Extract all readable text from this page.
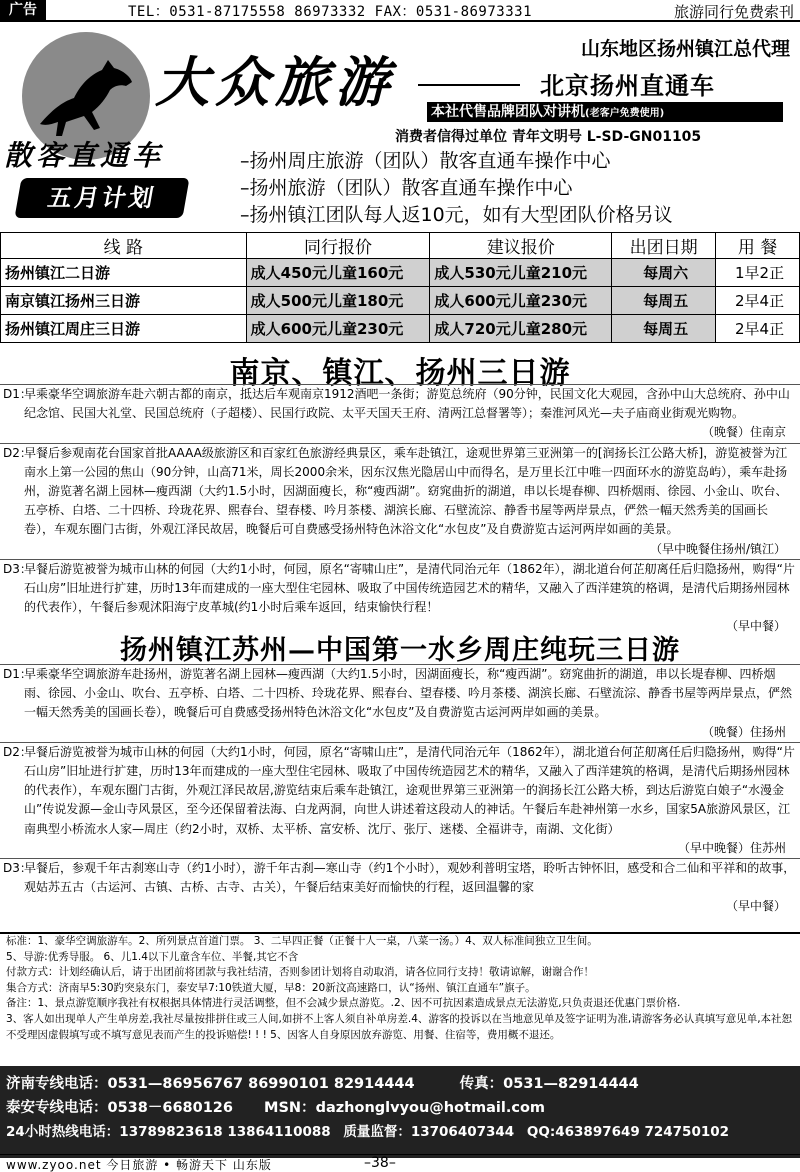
广告	TEL：0531-87175558 86973332 FAX：0531-86973331	旅游同行免费索刊
大众旅游
山东地区扬州镇江总代理
北京扬州直通车
本社代售品牌团队对讲机(老客户免费使用)
消费者信得过单位 青年文明号 L-SD-GN01105
散客直通车
五月计划
–扬州周庄旅游（团队）散客直通车操作中心
–扬州旅游（团队）散客直通车操作中心
–扬州镇江团队每人返10元，如有大型团队价格另议
线 路	同行报价	建议报价	出团日期	用 餐
扬州镇江二日游	成人450元儿童160元	成人530元儿童210元	每周六	1早2正
南京镇江扬州三日游	成人500元儿童180元	成人600元儿童230元	每周五	2早4正
扬州镇江周庄三日游	成人600元儿童230元	成人720元儿童280元	每周五	2早4正
南京、镇江、扬州三日游
D1：
早乘豪华空调旅游车赴六朝古都的南京，抵达后车观南京1912酒吧一条街；游览总统府（90分钟，民国文化大观园，含孙中山大总统府、孙中山纪念馆、民国大礼堂、民国总统府（子超楼）、民国行政院、太平天国天王府、清两江总督署等）；秦淮河风光—夫子庙商业街观光购物。
（晚餐）住南京
D2：
早餐后参观南花台国家首批AAAA级旅游区和百家红色旅游经典景区，乘车赴镇江，途观世界第三亚洲第一的[润扬长江公路大桥]，游览被誉为江南水上第一公园的焦山（90分钟，山高71米，周长2000余米，因东汉焦光隐居山中而得名，是万里长江中唯一四面环水的游览岛屿），乘车赴扬州，游览著名湖上园林—瘦西湖（大约1.5小时，因湖面瘦长，称“瘦西湖”。窈窕曲折的湖道，串以长堤春柳、四桥烟雨、徐园、小金山、吹台、五亭桥、白塔、二十四桥、玲珑花界、熙春台、望春楼、吟月茶楼、湖滨长廊、石壁流淙、静香书屋等两岸景点，俨然一幅天然秀美的国画长卷），车观东圈门古街，外观江泽民故居，晚餐后可自费感受扬州特色沐浴文化“水包皮”及自费游览古运河两岸如画的美景。
（早中晚餐住扬州/镇江）
D3：
早餐后游览被誉为城市山林的何园（大约1小时，何园，原名“寄啸山庄”，是清代同治元年（1862年），湖北道台何芷舠离任后归隐扬州，购得“片石山房”旧址进行扩建，历时13年而建成的一座大型住宅园林、吸取了中国传统造园艺术的精华，又融入了西洋建筑的格调，是清代后期扬州园林的代表作），午餐后参观沭阳海宁皮革城(约1小时后乘车返回，结束愉快行程！
（早中餐）
扬州镇江苏州—中国第一水乡周庄纯玩三日游
D1：
早乘豪华空调旅游车赴扬州，游览著名湖上园林—瘦西湖（大约1.5小时，因湖面瘦长，称“瘦西湖”。窈窕曲折的湖道，串以长堤春柳、四桥烟雨、徐园、小金山、吹台、五亭桥、白塔、二十四桥、玲珑花界、熙春台、望春楼、吟月茶楼、湖滨长廊、石壁流淙、静香书屋等两岸景点，俨然一幅天然秀美的国画长卷），晚餐后可自费感受扬州特色沐浴文化“水包皮”及自费游览古运河两岸如画的美景。
（晚餐）住扬州
D2：
早餐后游览被誉为城市山林的何园（大约1小时，何园，原名“寄啸山庄”，是清代同治元年（1862年），湖北道台何芷舠离任后归隐扬州，购得“片石山房”旧址进行扩建，历时13年而建成的一座大型住宅园林、吸取了中国传统造园艺术的精华，又融入了西洋建筑的格调，是清代后期扬州园林的代表作），车观东圈门古街，外观江泽民故居,游览结束后乘车赴镇江，途观世界第三亚洲第一的润扬长江公路大桥，到达后游览白娘子“水漫金山”传说发源—金山寺风景区，至今还保留着法海、白龙两洞，向世人讲述着这段动人的神话。午餐后车赴神州第一水乡，国家5A旅游风景区，江南典型小桥流水人家—周庄（约2小时，双桥、太平桥、富安桥、沈厅、张厅、迷楼、全福讲寺，南湖、文化街）
（早中晚餐）住苏州
D3：
早餐后，参观千年古刹寒山寺（约1小时），游千年古刹—寒山寺（约1个小时），观妙利普明宝塔，聆听古钟怀旧，感受和合二仙和平祥和的故事，观姑苏五古（古运河、古镇、古桥、古寺、古关），午餐后结束美好而愉快的行程，返回温馨的家
（早中餐）
标准：1、豪华空调旅游车。2、所列景点首道门票。 3、二早四正餐（正餐十人一桌，八菜一汤。）4、双人标准间独立卫生间。
5、导游:优秀导服。 6、儿1.4以下儿童含车位、半餐,其它不含
付款方式：计划经确认后，请于出团前将团款与我社结清，否则参团计划将自动取消，请各位同行支持！敬请谅解，谢谢合作！
集合方式：济南早5:30趵突泉东门，泰安早7:10铁道大厦，早8：20新汶高速路口，认“扬州、镇江直通车”旗子。
备注：1、景点游览顺序我社有权根据具体情进行灵活调整，但不会减少景点游览。.2、因不可抗因素造成景点无法游览,只负责退还优惠门票价格.
3、客人如出现单人产生单房差,我社尽量按排拼住或三人间,如拼不上客人须自补单房差.4、游客的投诉以在当地意见单及签字证明为准,请游客务必认真填写意见单,本社恕不受理因虚假填写或不填写意见表而产生的投诉赔偿! ! ! 5、因客人自身原因放弃游览、用餐、住宿等，费用概不退还。
济南专线电话：0531—86956767 86990101 82914444	传真：0531—82914444
泰安专线电话：0538－6680126 MSN：dazhonglvyou@hotmail.com
24小时热线电话：13789823618 13864110088 质量监督：13706407344 QQ:463897649 724750102
www.zyoo.net 今日旅游 • 畅游天下 山东版	–38–
